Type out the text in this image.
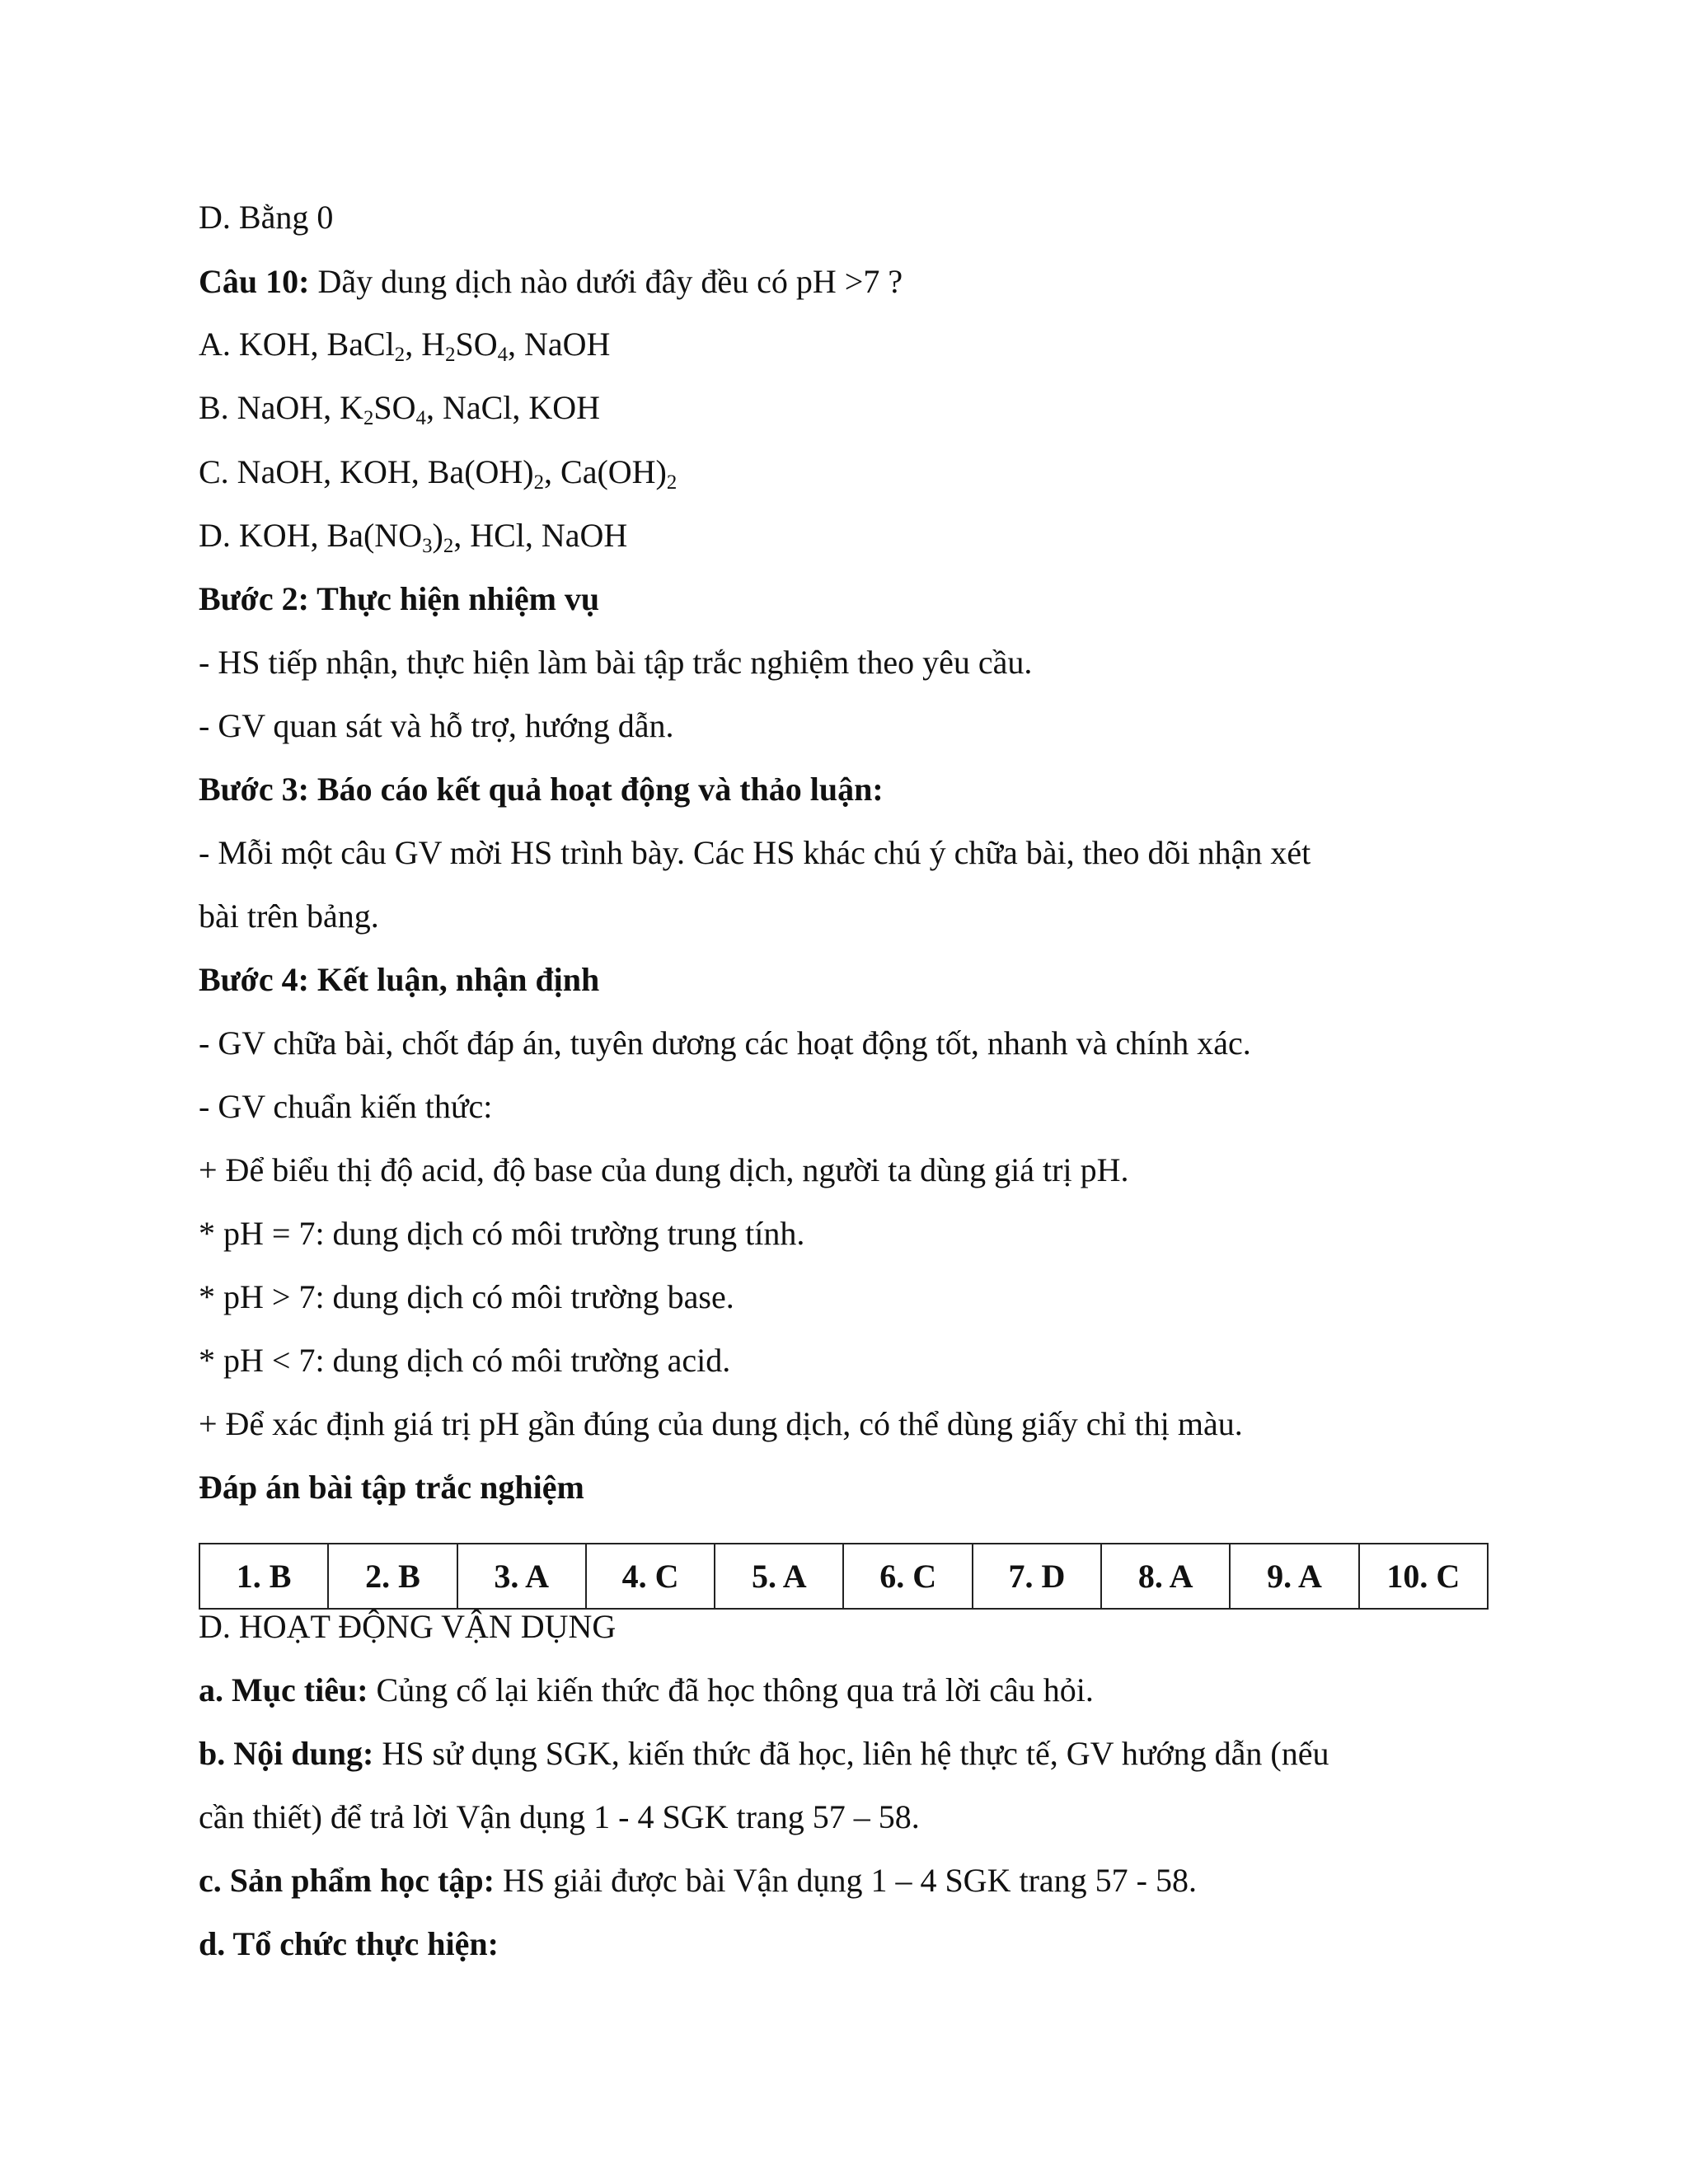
D. Bằng 0
Câu 10: Dãy dung dịch nào dưới đây đều có pH >7 ?
A. KOH, BaCl$_2$, $H_2SO_4$, NaOH
B. NaOH, $K_2SO_4$, NaCl, KOH
C. NaOH, KOH, $Ba(OH)_2$, $Ca(OH)_2$
D. KOH, $Ba(NO_3)_2$, HCl, NaOH
Bước 2: Thực hiện nhiệm vụ
- HS tiếp nhận, thực hiện làm bài tập trắc nghiệm theo yêu cầu.
- GV quan sát và hỗ trợ, hướng dẫn.
Bước 3: Báo cáo kết quả hoạt động và thảo luận:
- Mỗi một câu GV mời HS trình bày. Các HS khác chú ý chữa bài, theo dõi nhận xét
bài trên bảng.
Bước 4: Kết luận, nhận định
- GV chữa bài, chốt đáp án, tuyên dương các hoạt động tốt, nhanh và chính xác.
- GV chuẩn kiến thức:
+ Để biểu thị độ acid, độ base của dung dịch, người ta dùng giá trị pH.
* pH = 7: dung dịch có môi trường trung tính.
* pH > 7: dung dịch có môi trường base.
* pH < 7: dung dịch có môi trường acid.
+ Để xác định giá trị pH gần đúng của dung dịch, có thể dùng giấy chỉ thị màu.
Đáp án bài tập trắc nghiệm
1. B	2. B	3. A	4. C	5. A	6. C	7. D	8. A	9. A	10. C
D. HOẠT ĐỘNG VẬN DỤNG
a. Mục tiêu: Củng cố lại kiến thức đã học thông qua trả lời câu hỏi.
b. Nội dung: HS sử dụng SGK, kiến thức đã học, liên hệ thực tế, GV hướng dẫn (nếu
cần thiết) để trả lời Vận dụng 1 - 4 SGK trang 57 – 58.
c. Sản phẩm học tập: HS giải được bài Vận dụng 1 – 4 SGK trang 57 - 58.
d. Tổ chức thực hiện:
